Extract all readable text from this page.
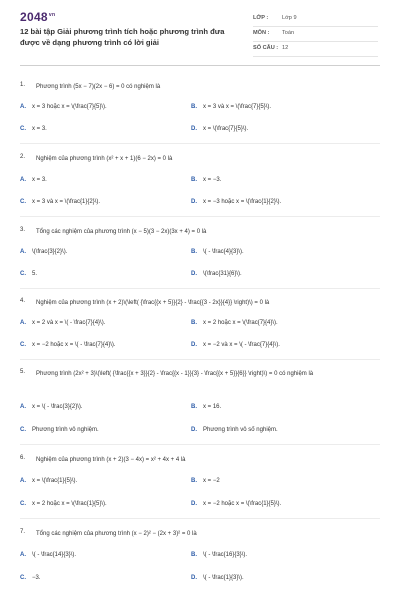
$2048^{vn}$
12 bài tập Giải phương trình tích hoặc phương trình đưa được về dạng phương trình có lời giải
LỚP : Lớp 9
MÔN : Toán
SỐ CÂU : 12
1. Phương trình (5x − 7)(2x − 6) = 0 có nghiệm là
A. x = 3 hoặc x = \(\frac{7}{5}\).	B. x = 3 và x = \(\frac{7}{5}\).
C. x = 3.	D. x = \(\frac{7}{5}\).
2. Nghiệm của phương trình (x² + x + 1)(6 − 2x) = 0 là
A. x = 3.	B. x = −3.
C. x = 3 và x = \(\frac{1}{2}\).	D. x = −3 hoặc x = \(\frac{1}{2}\).
3. Tổng các nghiệm của phương trình (x − 5)(3 − 2x)(3x + 4) = 0 là
A. \(\frac{3}{2}\).	B. \( - \frac{4}{3}\).
C. 5.	D. \(\frac{31}{6}\).
4. Nghiệm của phương trình (x + 2)\(\left( {\frac{{x + 5}}{2} - \frac{{3 - 2x}}{4}} \right)\) = 0 là
A. x = 2 và x = \( - \frac{7}{4}\).	B. x = 2 hoặc x = \(\frac{7}{4}\).
C. x = −2 hoặc x = \( - \frac{7}{4}\).	D. x = −2 và x = \( - \frac{7}{4}\).
5. Phương trình (2x² + 3)\(\left( {\frac{{x + 3}}{2} - \frac{{x - 1}}{3} - \frac{{x + 5}}{6}} \right)\) = 0 có nghiệm là
A. x = \( - \frac{3}{2}\).	B. x = 16.
C. Phương trình vô nghiệm.	D. Phương trình vô số nghiệm.
6. Nghiệm của phương trình (x + 2)(3 − 4x) = x² + 4x + 4 là
A. x = \(\frac{1}{5}\).	B. x = −2
C. x = 2 hoặc x = \(\frac{1}{5}\).	D. x = −2 hoặc x = \(\frac{1}{5}\).
7. Tổng các nghiệm của phương trình (x − 2)² − (2x + 3)² = 0 là
A. \( - \frac{14}{3}\).	B. \( - \frac{16}{3}\).
C. −3.	D. \( - \frac{1}{3}\).
